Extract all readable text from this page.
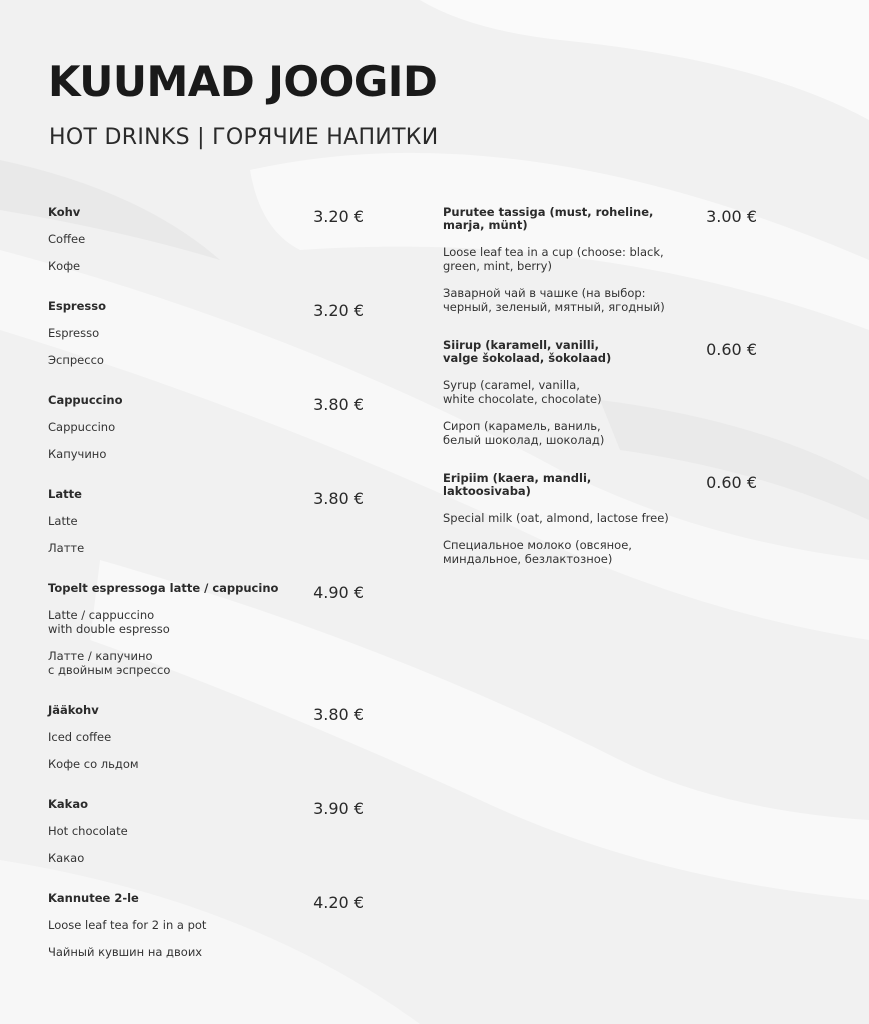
KUUMAD JOOGID
HOT DRINKS | ГОРЯЧИЕ НАПИТКИ
Kohv
Coffee
Кофе
3.20 €
Espresso
Espresso
Эспрессо
3.20 €
Cappuccino
Cappuccino
Капучино
3.80 €
Latte
Latte
Латте
3.80 €
Topelt espressoga latte / cappucino
Latte / cappuccino
with double espresso
Латте / капучино
с двойным эспрессо
4.90 €
Jääkohv
Iced coffee
Кофе со льдом
3.80 €
Kakao
Hot chocolate
Какао
3.90 €
Kannutee 2-le
Loose leaf tea for 2 in a pot
Чайный кувшин на двоих
4.20 €
Purutee tassiga (must, roheline,
marja, münt)
Loose leaf tea in a cup (choose: black,
green, mint, berry)
Заварной чай в чашке (на выбор:
черный, зеленый, мятный, ягодный)
3.00 €
Siirup (karamell, vanilli,
valge šokolaad, šokolaad)
Syrup (caramel, vanilla,
white chocolate, chocolate)
Сироп (карамель, ваниль,
белый шоколад, шоколад)
0.60 €
Eripiim (kaera, mandli, laktoosivaba)
Special milk (oat, almond, lactose free)
Специальное молоко (овсяное,
миндальное, безлактозное)
0.60 €
